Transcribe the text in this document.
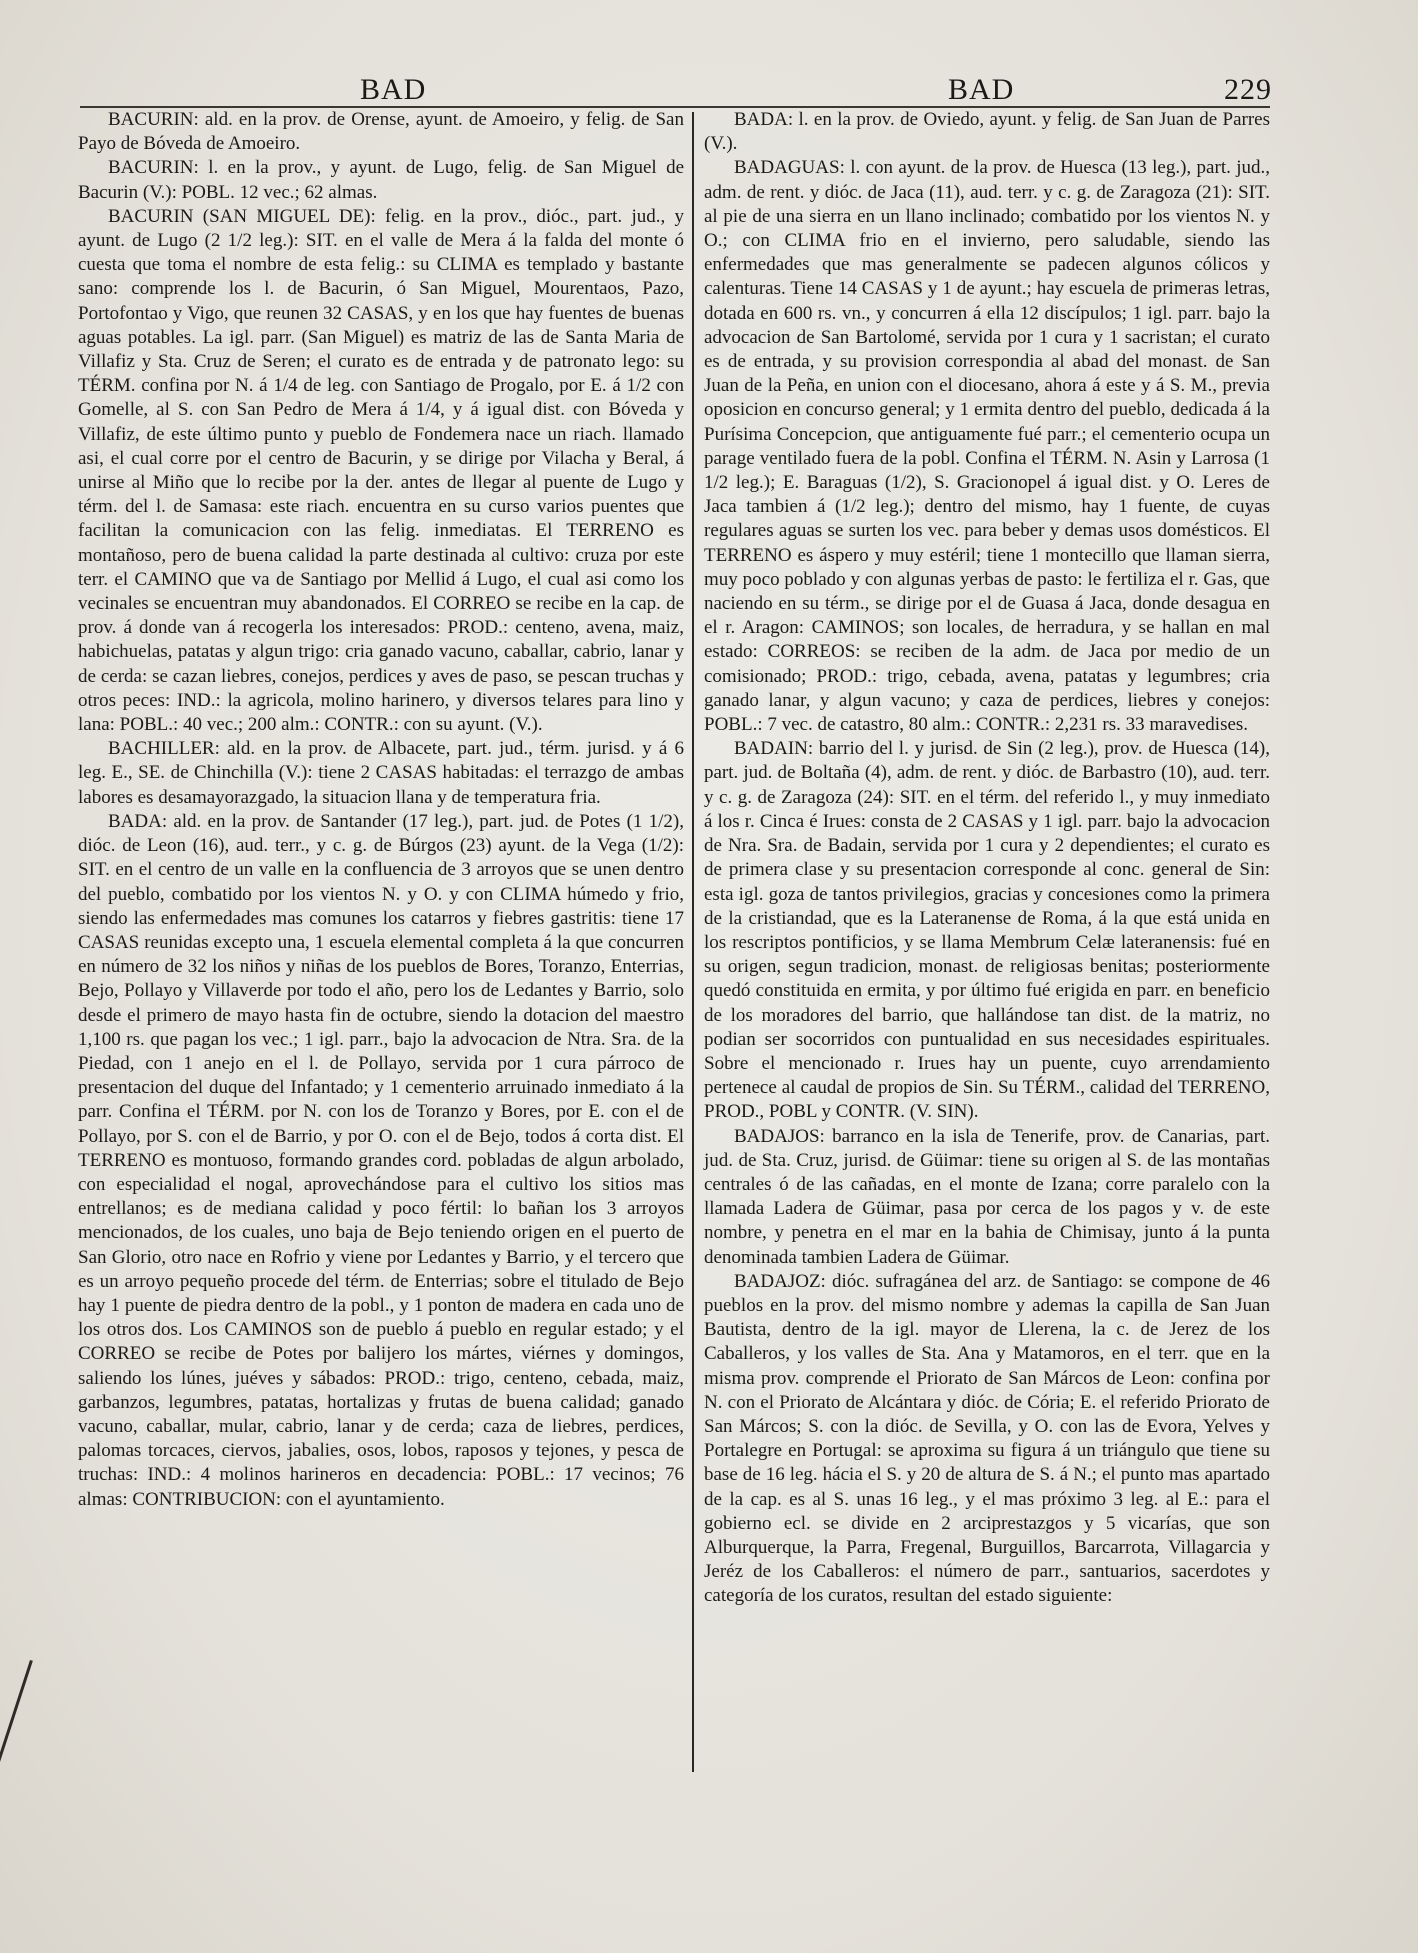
BAD	BAD	229

BACURIN: ald. en la prov. de Orense, ayunt. de Amoeiro, y felig. de San Payo de Bóveda de Amoeiro.

BACURIN: l. en la prov., y ayunt. de Lugo, felig. de San Miguel de Bacurin (V.): POBL. 12 vec.; 62 almas.

BACURIN (SAN MIGUEL DE): felig. en la prov., dióc., part. jud., y ayunt. de Lugo (2 1/2 leg.): SIT. en el valle de Mera á la falda del monte ó cuesta que toma el nombre de esta felig.: su CLIMA es templado y bastante sano: comprende los l. de Bacurin, ó San Miguel, Mourentaos, Pazo, Portofontao y Vigo, que reunen 32 CASAS, y en los que hay fuentes de buenas aguas potables. La igl. parr. (San Miguel) es matriz de las de Santa Maria de Villafiz y Sta. Cruz de Seren; el curato es de entrada y de patronato lego: su TÉRM. confina por N. á 1/4 de leg. con Santiago de Progalo, por E. á 1/2 con Gomelle, al S. con San Pedro de Mera á 1/4, y á igual dist. con Bóveda y Villafiz, de este último punto y pueblo de Fondemera nace un riach. llamado asi, el cual corre por el centro de Bacurin, y se dirige por Vilacha y Beral, á unirse al Miño que lo recibe por la der. antes de llegar al puente de Lugo y térm. del l. de Samasa: este riach. encuentra en su curso varios puentes que facilitan la comunicacion con las felig. inmediatas. El TERRENO es montañoso, pero de buena calidad la parte destinada al cultivo: cruza por este terr. el CAMINO que va de Santiago por Mellid á Lugo, el cual asi como los vecinales se encuentran muy abandonados. El CORREO se recibe en la cap. de prov. á donde van á recogerla los interesados: PROD.: centeno, avena, maiz, habichuelas, patatas y algun trigo: cria ganado vacuno, caballar, cabrio, lanar y de cerda: se cazan liebres, conejos, perdices y aves de paso, se pescan truchas y otros peces: IND.: la agricola, molino harinero, y diversos telares para lino y lana: POBL.: 40 vec.; 200 alm.: CONTR.: con su ayunt. (V.).

BACHILLER: ald. en la prov. de Albacete, part. jud., térm. jurisd. y á 6 leg. E., SE. de Chinchilla (V.): tiene 2 CASAS habitadas: el terrazgo de ambas labores es desamayorazgado, la situacion llana y de temperatura fria.

BADA: ald. en la prov. de Santander (17 leg.), part. jud. de Potes (1 1/2), dióc. de Leon (16), aud. terr., y c. g. de Búrgos (23) ayunt. de la Vega (1/2): SIT. en el centro de un valle en la confluencia de 3 arroyos que se unen dentro del pueblo, combatido por los vientos N. y O. y con CLIMA húmedo y frio, siendo las enfermedades mas comunes los catarros y fiebres gastritis: tiene 17 CASAS reunidas excepto una, 1 escuela elemental completa á la que concurren en número de 32 los niños y niñas de los pueblos de Bores, Toranzo, Enterrias, Bejo, Pollayo y Villaverde por todo el año, pero los de Ledantes y Barrio, solo desde el primero de mayo hasta fin de octubre, siendo la dotacion del maestro 1,100 rs. que pagan los vec.; 1 igl. parr., bajo la advocacion de Ntra. Sra. de la Piedad, con 1 anejo en el l. de Pollayo, servida por 1 cura párroco de presentacion del duque del Infantado; y 1 cementerio arruinado inmediato á la parr. Confina el TÉRM. por N. con los de Toranzo y Bores, por E. con el de Pollayo, por S. con el de Barrio, y por O. con el de Bejo, todos á corta dist. El TERRENO es montuoso, formando grandes cord. pobladas de algun arbolado, con especialidad el nogal, aprovechándose para el cultivo los sitios mas entrellanos; es de mediana calidad y poco fértil: lo bañan los 3 arroyos mencionados, de los cuales, uno baja de Bejo teniendo origen en el puerto de San Glorio, otro nace en Rofrio y viene por Ledantes y Barrio, y el tercero que es un arroyo pequeño procede del térm. de Enterrias; sobre el titulado de Bejo hay 1 puente de piedra dentro de la pobl., y 1 ponton de madera en cada uno de los otros dos. Los CAMINOS son de pueblo á pueblo en regular estado; y el CORREO se recibe de Potes por balijero los mártes, viérnes y domingos, saliendo los lúnes, juéves y sábados: PROD.: trigo, centeno, cebada, maiz, garbanzos, legumbres, patatas, hortalizas y frutas de buena calidad; ganado vacuno, caballar, mular, cabrio, lanar y de cerda; caza de liebres, perdices, palomas torcaces, ciervos, jabalies, osos, lobos, raposos y tejones, y pesca de truchas: IND.: 4 molinos harineros en decadencia: POBL.: 17 vecinos; 76 almas: CONTRIBUCION: con el ayuntamiento.

BADA: l. en la prov. de Oviedo, ayunt. y felig. de San Juan de Parres (V.).

BADAGUAS: l. con ayunt. de la prov. de Huesca (13 leg.), part. jud., adm. de rent. y dióc. de Jaca (11), aud. terr. y c. g. de Zaragoza (21): SIT. al pie de una sierra en un llano inclinado; combatido por los vientos N. y O.; con CLIMA frio en el invierno, pero saludable, siendo las enfermedades que mas generalmente se padecen algunos cólicos y calenturas. Tiene 14 CASAS y 1 de ayunt.; hay escuela de primeras letras, dotada en 600 rs. vn., y concurren á ella 12 discípulos; 1 igl. parr. bajo la advocacion de San Bartolomé, servida por 1 cura y 1 sacristan; el curato es de entrada, y su provision correspondia al abad del monast. de San Juan de la Peña, en union con el diocesano, ahora á este y á S. M., previa oposicion en concurso general; y 1 ermita dentro del pueblo, dedicada á la Purísima Concepcion, que antiguamente fué parr.; el cementerio ocupa un parage ventilado fuera de la pobl. Confina el TÉRM. N. Asin y Larrosa (1 1/2 leg.); E. Baraguas (1/2), S. Gracionopel á igual dist. y O. Leres de Jaca tambien á (1/2 leg.); dentro del mismo, hay 1 fuente, de cuyas regulares aguas se surten los vec. para beber y demas usos domésticos. El TERRENO es áspero y muy estéril; tiene 1 montecillo que llaman sierra, muy poco poblado y con algunas yerbas de pasto: le fertiliza el r. Gas, que naciendo en su térm., se dirige por el de Guasa á Jaca, donde desagua en el r. Aragon: CAMINOS; son locales, de herradura, y se hallan en mal estado: CORREOS: se reciben de la adm. de Jaca por medio de un comisionado; PROD.: trigo, cebada, avena, patatas y legumbres; cria ganado lanar, y algun vacuno; y caza de perdices, liebres y conejos: POBL.: 7 vec. de catastro, 80 alm.: CONTR.: 2,231 rs. 33 maravedises.

BADAIN: barrio del l. y jurisd. de Sin (2 leg.), prov. de Huesca (14), part. jud. de Boltaña (4), adm. de rent. y dióc. de Barbastro (10), aud. terr. y c. g. de Zaragoza (24): SIT. en el térm. del referido l., y muy inmediato á los r. Cinca é Irues: consta de 2 CASAS y 1 igl. parr. bajo la advocacion de Nra. Sra. de Badain, servida por 1 cura y 2 dependientes; el curato es de primera clase y su presentacion corresponde al conc. general de Sin: esta igl. goza de tantos privilegios, gracias y concesiones como la primera de la cristiandad, que es la Lateranense de Roma, á la que está unida en los rescriptos pontificios, y se llama Membrum Celæ lateranensis: fué en su origen, segun tradicion, monast. de religiosas benitas; posteriormente quedó constituida en ermita, y por último fué erigida en parr. en beneficio de los moradores del barrio, que hallándose tan dist. de la matriz, no podian ser socorridos con puntualidad en sus necesidades espirituales. Sobre el mencionado r. Irues hay un puente, cuyo arrendamiento pertenece al caudal de propios de Sin. Su TÉRM., calidad del TERRENO, PROD., POBL y CONTR. (V. SIN).

BADAJOS: barranco en la isla de Tenerife, prov. de Canarias, part. jud. de Sta. Cruz, jurisd. de Güimar: tiene su origen al S. de las montañas centrales ó de las cañadas, en el monte de Izana; corre paralelo con la llamada Ladera de Güimar, pasa por cerca de los pagos y v. de este nombre, y penetra en el mar en la bahia de Chimisay, junto á la punta denominada tambien Ladera de Güimar.

BADAJOZ: dióc. sufragánea del arz. de Santiago: se compone de 46 pueblos en la prov. del mismo nombre y ademas la capilla de San Juan Bautista, dentro de la igl. mayor de Llerena, la c. de Jerez de los Caballeros, y los valles de Sta. Ana y Matamoros, en el terr. que en la misma prov. comprende el Priorato de San Márcos de Leon: confina por N. con el Priorato de Alcántara y dióc. de Cória; E. el referido Priorato de San Márcos; S. con la dióc. de Sevilla, y O. con las de Evora, Yelves y Portalegre en Portugal: se aproxima su figura á un triángulo que tiene su base de 16 leg. hácia el S. y 20 de altura de S. á N.; el punto mas apartado de la cap. es al S. unas 16 leg., y el mas próximo 3 leg. al E.: para el gobierno ecl. se divide en 2 arciprestazgos y 5 vicarías, que son Alburquerque, la Parra, Fregenal, Burguillos, Barcarrota, Villagarcia y Jeréz de los Caballeros: el número de parr., santuarios, sacerdotes y categoría de los curatos, resultan del estado siguiente:
